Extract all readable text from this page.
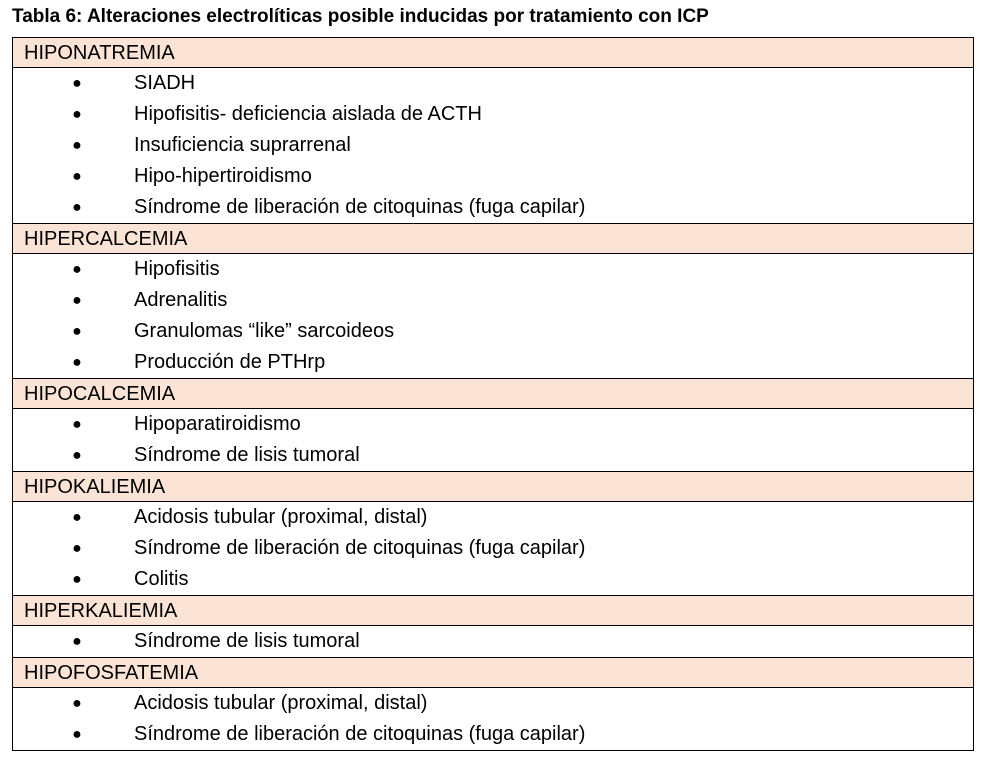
Tabla 6: Alteraciones electrolíticas posible inducidas por tratamiento con ICP
HIPONATREMIA
●	SIADH
●	Hipofisitis- deficiencia aislada de ACTH
●	Insuficiencia suprarrenal
●	Hipo-hipertiroidismo
●	Síndrome de liberación de citoquinas (fuga capilar)
HIPERCALCEMIA
●	Hipofisitis
●	Adrenalitis
●	Granulomas “like” sarcoideos
●	Producción de PTHrp
HIPOCALCEMIA
●	Hipoparatiroidismo
●	Síndrome de lisis tumoral
HIPOKALIEMIA
●	Acidosis tubular (proximal, distal)
●	Síndrome de liberación de citoquinas (fuga capilar)
●	Colitis
HIPERKALIEMIA
●	Síndrome de lisis tumoral
HIPOFOSFATEMIA
●	Acidosis tubular (proximal, distal)
●	Síndrome de liberación de citoquinas (fuga capilar)
